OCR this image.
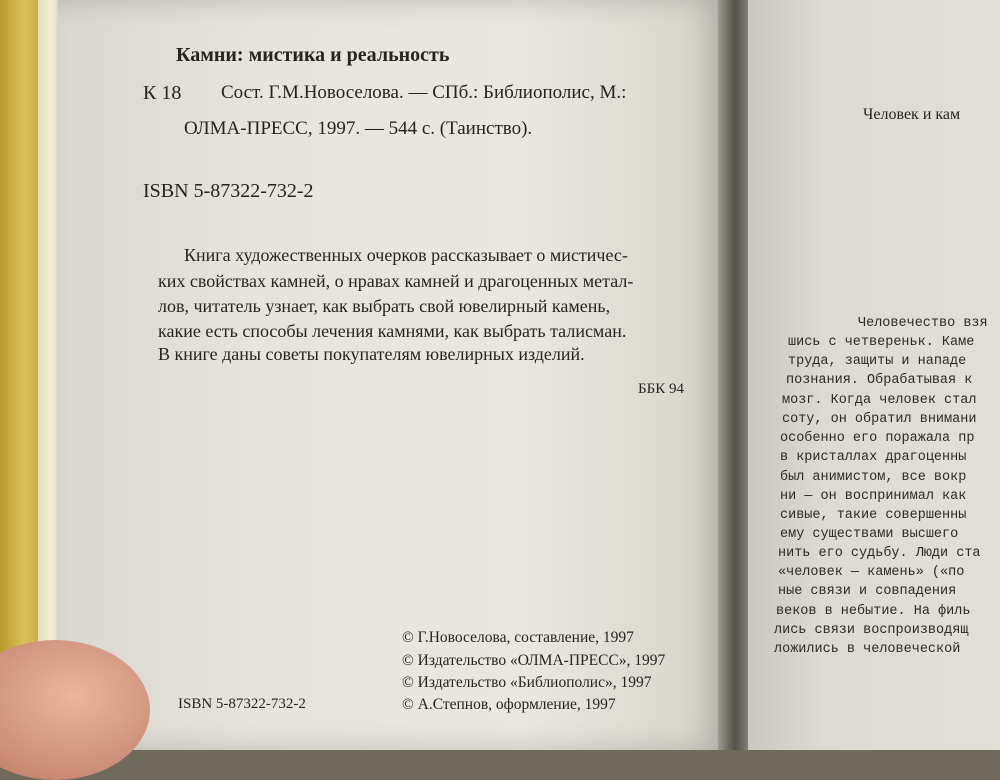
Камни: мистика и реальность
К 18 Сост. Г.М.Новоселова. — СПб.: Библиополис, М.:
ОЛМА-ПРЕСС, 1997. — 544 с. (Таинство).
ISBN 5-87322-732-2
Книга художественных очерков рассказывает о мистичес-
ких свойствах камней, о нравах камней и драгоценных метал-
лов, читатель узнает, как выбрать свой ювелирный камень,
какие есть способы лечения камнями, как выбрать талисман.
В книге даны советы покупателям ювелирных изделий.
ББК 94
© Г.Новоселова, составление, 1997
© Издательство «ОЛМА-ПРЕСС», 1997
© Издательство «Библиополис», 1997
© А.Степнов, оформление, 1997
ISBN 5-87322-732-2
Человек и кам
Человечество взя
шись с четвереньк. Каме
труда, защиты и нападе
познания. Обрабатывая к
мозг. Когда человек стал
соту, он обратил внимани
особенно его поражала пр
в кристаллах драгоценны
был анимистом, все вокр
ни — он воспринимал как
сивые, такие совершенны
ему существами высшего
нить его судьбу. Люди ста
«человек — камень» («по
ные связи и совпадения
веков в небытие. На филь
лись связи воспроизводящ
ложились в человеческой
